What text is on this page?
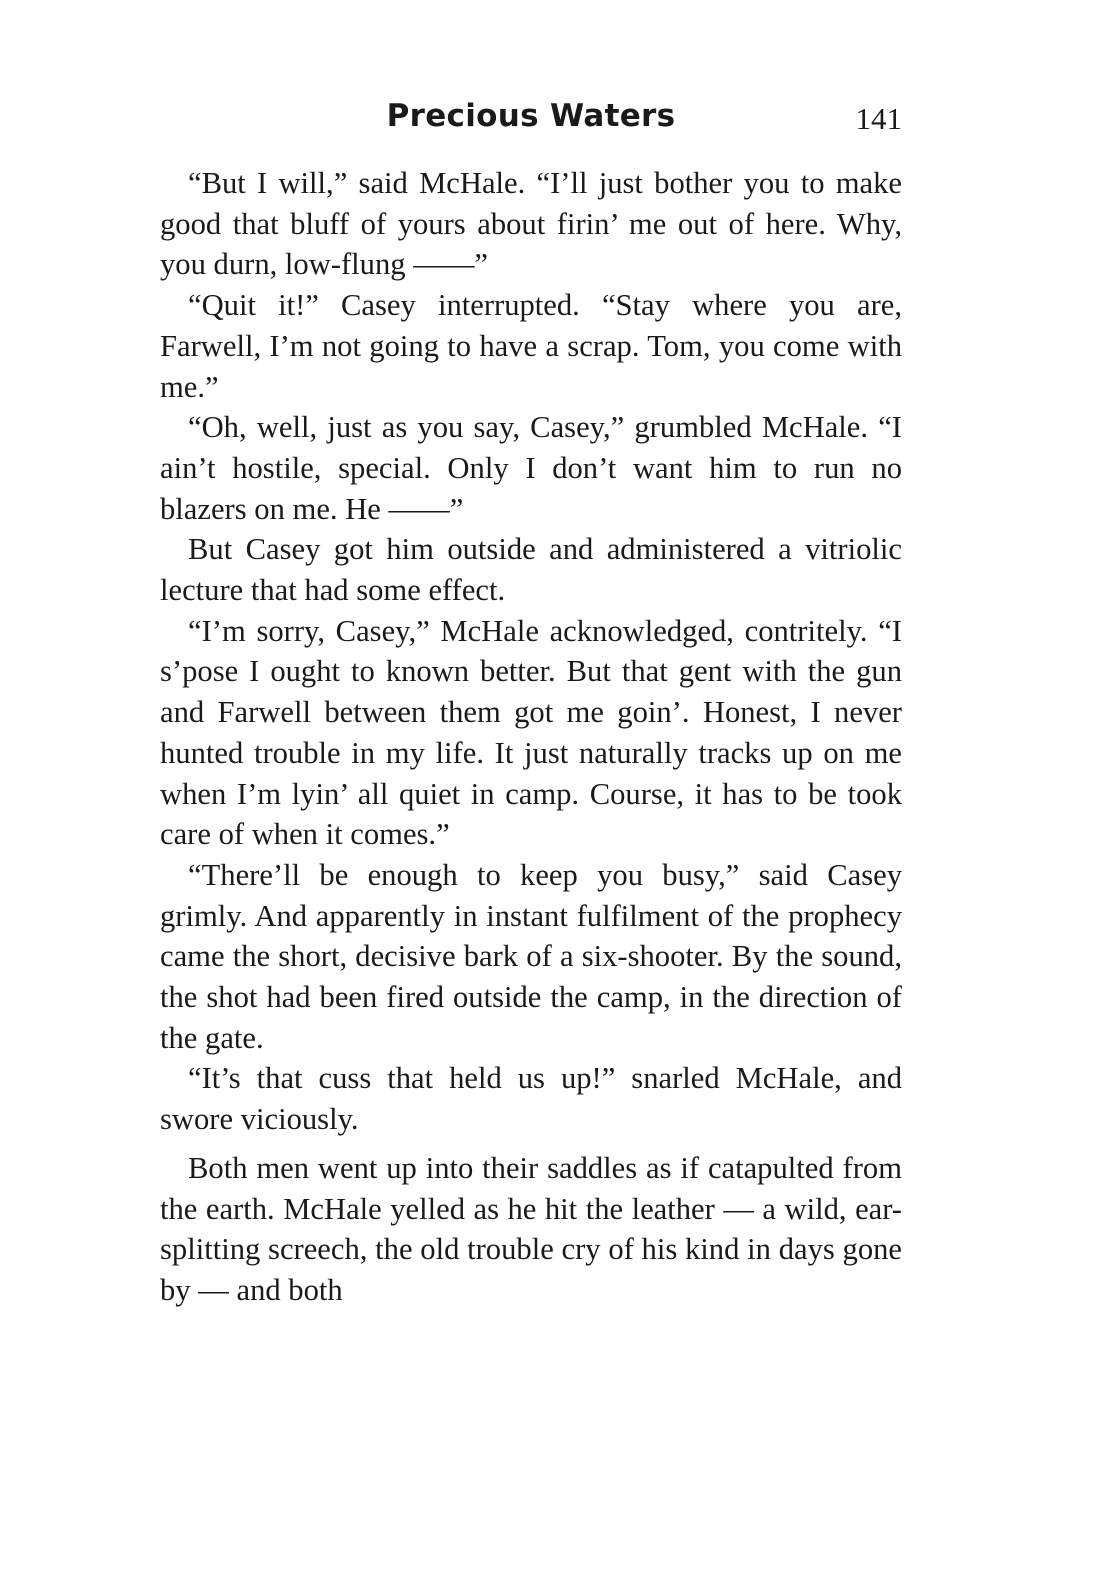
Precious Waters	141

“But I will,” said McHale. “I’ll just bother you to make good that bluff of yours about firin’ me out of here. Why, you durn, low-flung ——”

“Quit it!” Casey interrupted. “Stay where you are, Farwell, I’m not going to have a scrap. Tom, you come with me.”

“Oh, well, just as you say, Casey,” grumbled McHale. “I ain’t hostile, special. Only I don’t want him to run no blazers on me. He ——”

But Casey got him outside and administered a vitriolic lecture that had some effect.

“I’m sorry, Casey,” McHale acknowledged, contritely. “I s’pose I ought to known better. But that gent with the gun and Farwell between them got me goin’. Honest, I never hunted trouble in my life. It just naturally tracks up on me when I’m lyin’ all quiet in camp. Course, it has to be took care of when it comes.”

“There’ll be enough to keep you busy,” said Casey grimly. And apparently in instant fulfilment of the prophecy came the short, decisive bark of a six-shooter. By the sound, the shot had been fired outside the camp, in the direction of the gate.

“It’s that cuss that held us up!” snarled McHale, and swore viciously.

Both men went up into their saddles as if catapulted from the earth. McHale yelled as he hit the leather — a wild, ear-splitting screech, the old trouble cry of his kind in days gone by — and both
